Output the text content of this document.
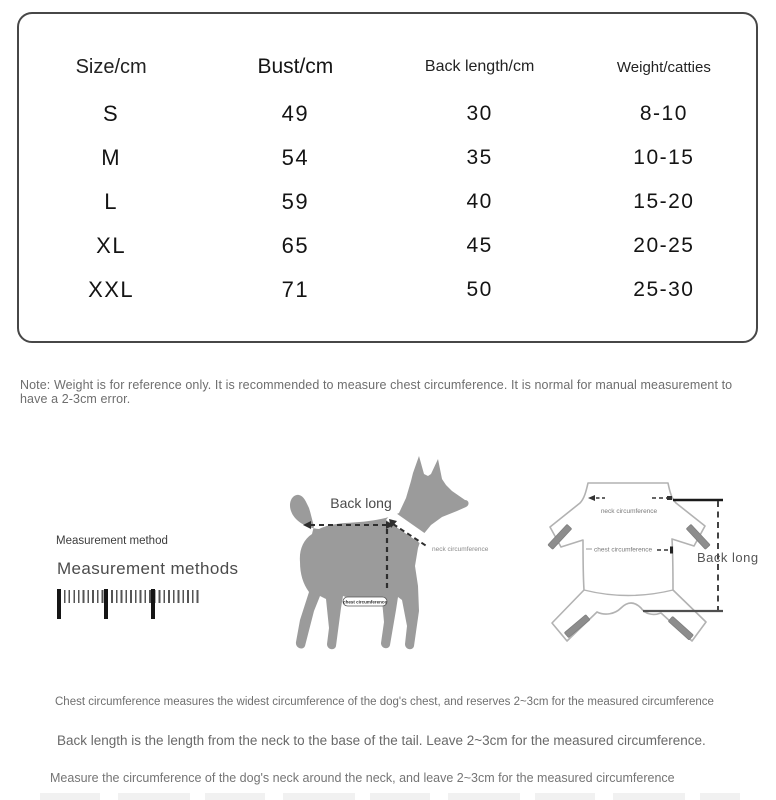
Size/cm	Bust/cm	Back length/cm	Weight/catties
S	49	30	8-10
M	54	35	10-15
L	59	40	15-20
XL	65	45	20-25
XXL	71	50	25-30
Note: Weight is for reference only. It is recommended to measure chest circumference. It is normal for manual measurement to have a 2-3cm error.
Measurement method
Measurement methods
Back long
neck circumference
chest circumference
neck circumference
chest circumference	Back long
Chest circumference measures the widest circumference of the dog's chest, and reserves 2~3cm for the measured circumference
Back length is the length from the neck to the base of the tail. Leave 2~3cm for the measured circumference.
Measure the circumference of the dog's neck around the neck, and leave 2~3cm for the measured circumference
